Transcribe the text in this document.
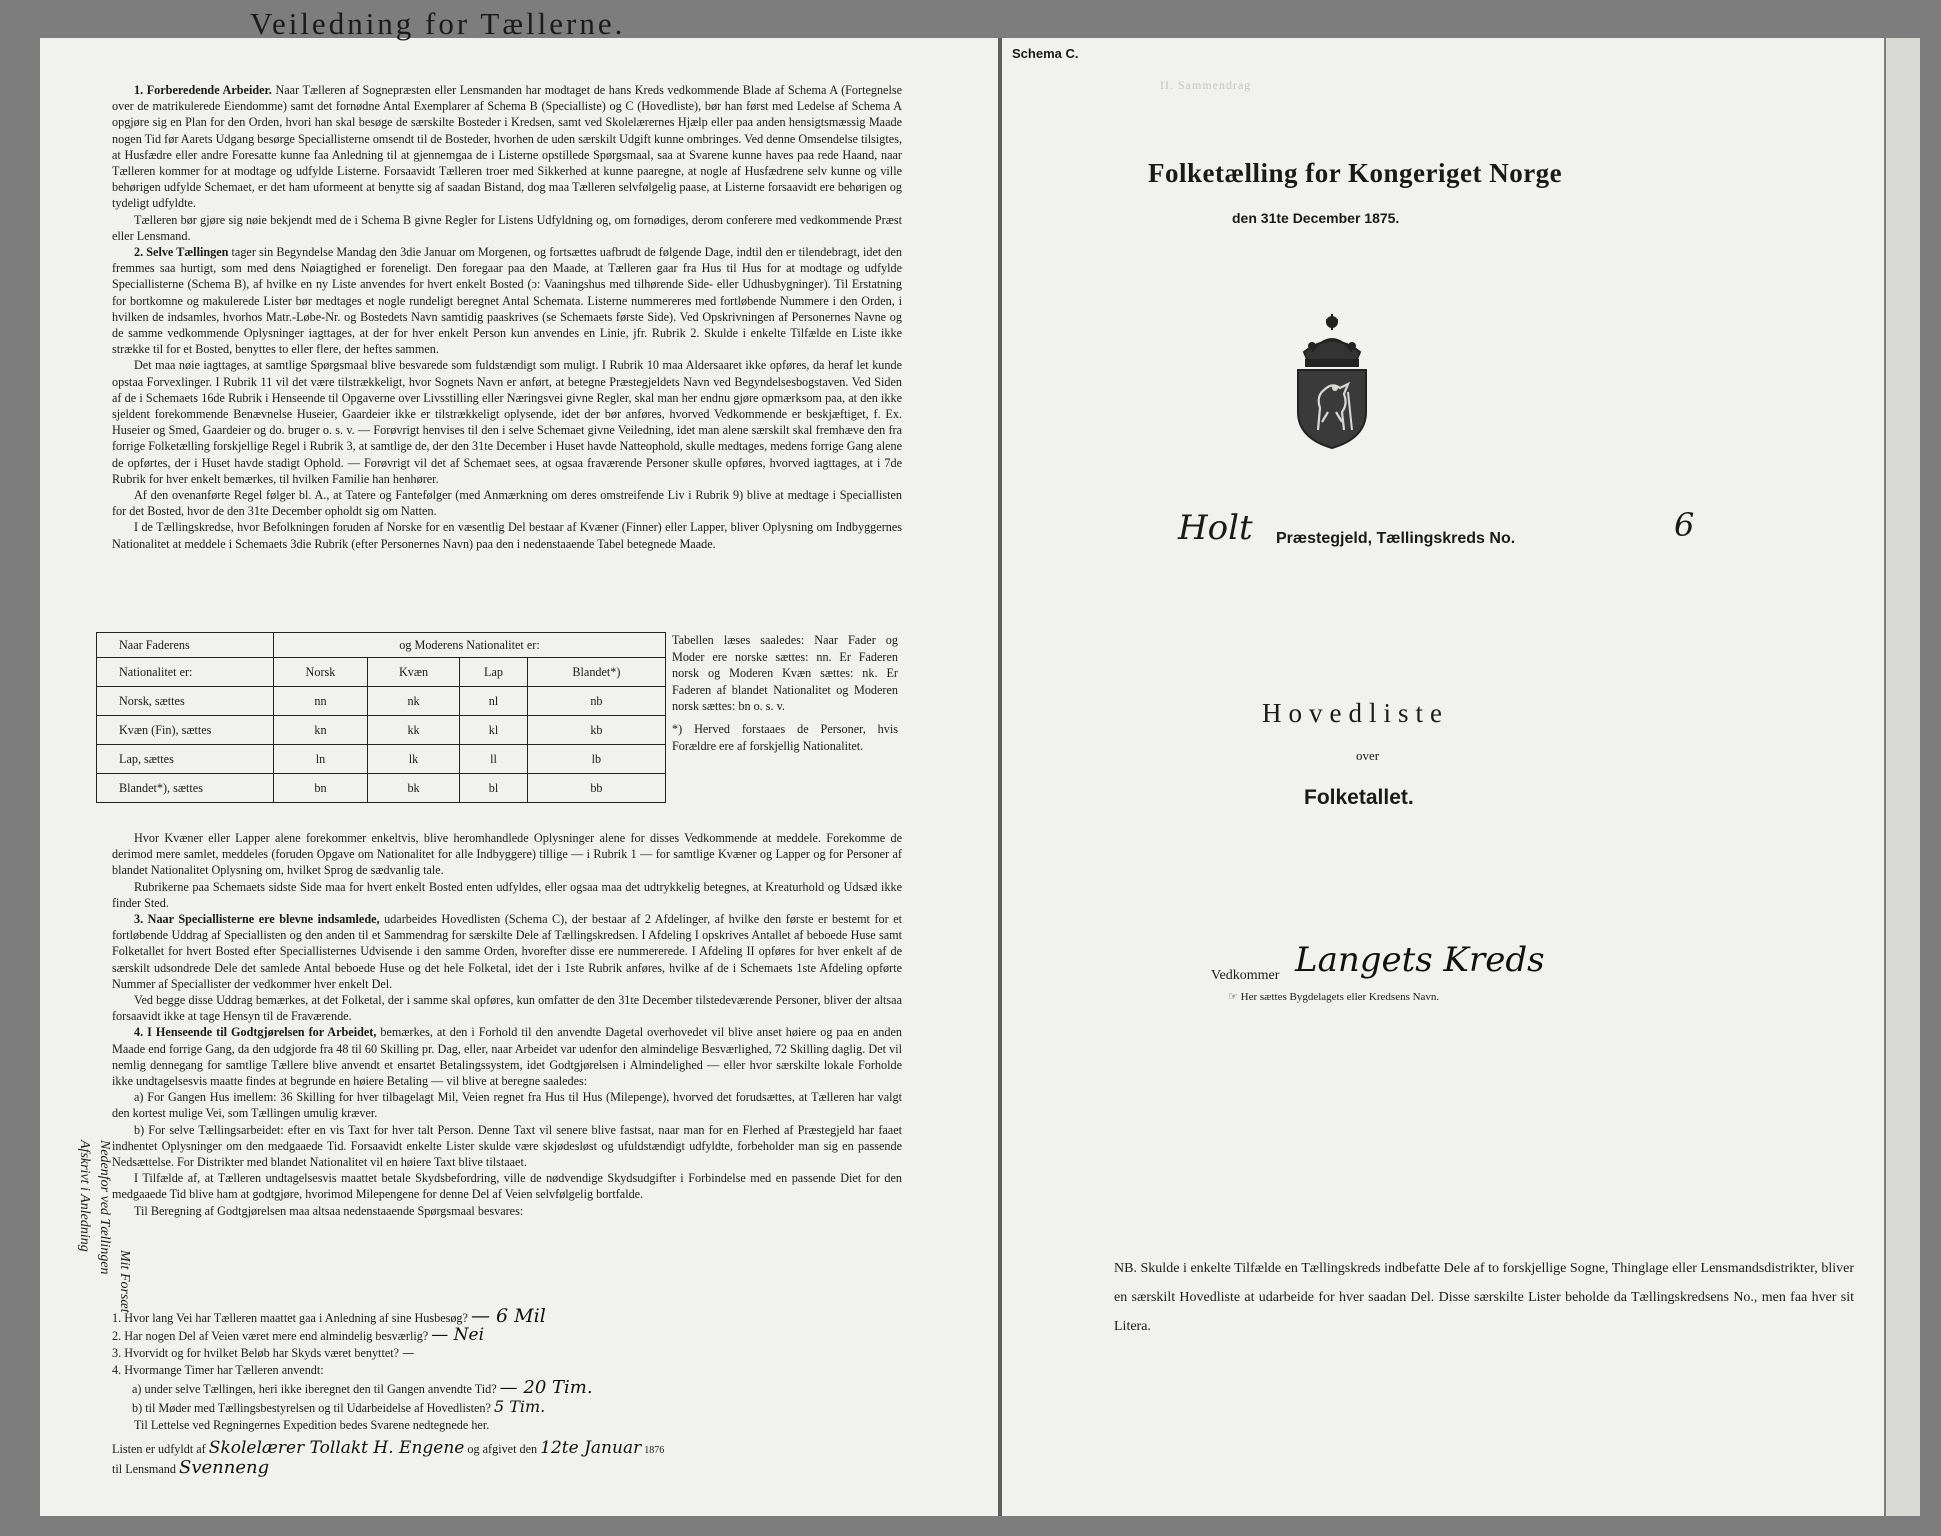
Veiledning for Tællerne.

1. Forberedende Arbeider. Naar Tælleren af Sognepræsten eller Lensmanden har modtaget de hans Kreds vedkommende Blade af Schema A (Fortegnelse over de matrikulerede Eiendomme) samt det fornødne Antal Exemplarer af Schema B (Specialliste) og C (Hovedliste), bør han først med Ledelse af Schema A opgjøre sig en Plan for den Orden, hvori han skal besøge de særskilte Bosteder i Kredsen, samt ved Skolelærernes Hjælp eller paa anden hensigtsmæssig Maade nogen Tid før Aarets Udgang besørge Speciallisterne omsendt til de Bosteder, hvorhen de uden særskilt Udgift kunne ombringes. Ved denne Omsendelse tilsigtes, at Husfædre eller andre Foresatte kunne faa Anledning til at gjennemgaa de i Listerne opstillede Spørgsmaal, saa at Svarene kunne haves paa rede Haand, naar Tælleren kommer for at modtage og udfylde Listerne. Forsaavidt Tælleren troer med Sikkerhed at kunne paaregne, at nogle af Husfædrene selv kunne og ville behørigen udfylde Schemaet, er det ham uformeent at benytte sig af saadan Bistand, dog maa Tælleren selvfølgelig paase, at Listerne forsaavidt ere behørigen og tydeligt udfyldte.

Tælleren bør gjøre sig nøie bekjendt med de i Schema B givne Regler for Listens Udfyldning og, om fornødiges, derom conferere med vedkommende Præst eller Lensmand.

2. Selve Tællingen tager sin Begyndelse Mandag den 3die Januar om Morgenen, og fortsættes uafbrudt de følgende Dage, indtil den er tilendebragt, idet den fremmes saa hurtigt, som med dens Nøiagtighed er foreneligt. Den foregaar paa den Maade, at Tælleren gaar fra Hus til Hus for at modtage og udfylde Speciallisterne (Schema B), af hvilke en ny Liste anvendes for hvert enkelt Bosted (ɔ: Vaaningshus med tilhørende Side- eller Udhusbygninger). Til Erstatning for bortkomne og makulerede Lister bør medtages et nogle rundeligt beregnet Antal Schemata. Listerne nummereres med fortløbende Nummere i den Orden, i hvilken de indsamles, hvorhos Matr.-Løbe-Nr. og Bostedets Navn samtidig paaskrives (se Schemaets første Side). Ved Opskrivningen af Personernes Navne og de samme vedkommende Oplysninger iagttages, at der for hver enkelt Person kun anvendes en Linie, jfr. Rubrik 2. Skulde i enkelte Tilfælde en Liste ikke strække til for et Bosted, benyttes to eller flere, der heftes sammen.

Det maa nøie iagttages, at samtlige Spørgsmaal blive besvarede som fuldstændigt som muligt. I Rubrik 10 maa Aldersaaret ikke opføres, da heraf let kunde opstaa Forvexlinger. I Rubrik 11 vil det være tilstrækkeligt, hvor Sognets Navn er anført, at betegne Præstegjeldets Navn ved Begyndelsesbogstaven. Ved Siden af de i Schemaets 16de Rubrik i Henseende til Opgaverne over Livsstilling eller Næringsvei givne Regler, skal man her endnu gjøre opmærksom paa, at den ikke sjeldent forekommende Benævnelse Huseier, Gaardeier ikke er tilstrækkeligt oplysende, idet der bør anføres, hvorved Vedkommende er beskjæftiget, f. Ex. Huseier og Smed, Gaardeier og do. bruger o. s. v. — Forøvrigt henvises til den i selve Schemaet givne Veiledning, idet man alene særskilt skal fremhæve den fra forrige Folketælling forskjellige Regel i Rubrik 3, at samtlige de, der den 31te December i Huset havde Natteophold, skulle medtages, medens forrige Gang alene de opførtes, der i Huset havde stadigt Ophold. — Forøvrigt vil det af Schemaet sees, at ogsaa fraværende Personer skulle opføres, hvorved iagttages, at i 7de Rubrik for hver enkelt bemærkes, til hvilken Familie han henhører.

Af den ovenanførte Regel følger bl. A., at Tatere og Fantefølger (med Anmærkning om deres omstreifende Liv i Rubrik 9) blive at medtage i Speciallisten for det Bosted, hvor de den 31te December opholdt sig om Natten.

I de Tællingskredse, hvor Befolkningen foruden af Norske for en væsentlig Del bestaar af Kvæner (Finner) eller Lapper, bliver Oplysning om Indbyggernes Nationalitet at meddele i Schemaets 3die Rubrik (efter Personernes Navn) paa den i nedenstaaende Tabel betegnede Maade.

Naar Faderens	og Moderens Nationalitet er:			
Nationalitet er:	Norsk	Kvæn	Lap	Blandet*)
Norsk, sættes	nn	nk	nl	nb
Kvæn (Fin), sættes	kn	kk	kl	kb
Lap, sættes	ln	lk	ll	lb
Blandet*), sættes	bn	bk	bl	bb
Tabellen læses saaledes: Naar Fader og Moder ere norske sættes: nn. Er Faderen norsk og Moderen Kvæn sættes: nk. Er Faderen af blandet Nationalitet og Moderen norsk sættes: bn o. s. v.
*) Herved forstaaes de Personer, hvis Forældre ere af forskjellig Nationalitet.

Hvor Kvæner eller Lapper alene forekommer enkeltvis, blive heromhandlede Oplysninger alene for disses Vedkommende at meddele. Forekomme de derimod mere samlet, meddeles (foruden Opgave om Nationalitet for alle Indbyggere) tillige — i Rubrik 1 — for samtlige Kvæner og Lapper og for Personer af blandet Nationalitet Oplysning om, hvilket Sprog de sædvanlig tale.

Rubrikerne paa Schemaets sidste Side maa for hvert enkelt Bosted enten udfyldes, eller ogsaa maa det udtrykkelig betegnes, at Kreaturhold og Udsæd ikke finder Sted.

3. Naar Speciallisterne ere blevne indsamlede, udarbeides Hovedlisten (Schema C), der bestaar af 2 Afdelinger, af hvilke den første er bestemt for et fortløbende Uddrag af Speciallisten og den anden til et Sammendrag for særskilte Dele af Tællingskredsen. I Afdeling I opskrives Antallet af beboede Huse samt Folketallet for hvert Bosted efter Speciallisternes Udvisende i den samme Orden, hvorefter disse ere nummererede. I Afdeling II opføres for hver enkelt af de særskilt udsondrede Dele det samlede Antal beboede Huse og det hele Folketal, idet der i 1ste Rubrik anføres, hvilke af de i Schemaets 1ste Afdeling opførte Nummer af Speciallister der vedkommer hver enkelt Del.

Ved begge disse Uddrag bemærkes, at det Folketal, der i samme skal opføres, kun omfatter de den 31te December tilstedeværende Personer, bliver der altsaa forsaavidt ikke at tage Hensyn til de Fraværende.

4. I Henseende til Godtgjørelsen for Arbeidet, bemærkes, at den i Forhold til den anvendte Dagetal overhovedet vil blive anset høiere og paa en anden Maade end forrige Gang, da den udgjorde fra 48 til 60 Skilling pr. Dag, eller, naar Arbeidet var udenfor den almindelige Besværlighed, 72 Skilling daglig. Det vil nemlig dennegang for samtlige Tællere blive anvendt et ensartet Betalingssystem, idet Godtgjørelsen i Almindelighed — eller hvor særskilte lokale Forholde ikke undtagelsesvis maatte findes at begrunde en høiere Betaling — vil blive at beregne saaledes:

a) For Gangen Hus imellem: 36 Skilling for hver tilbagelagt Mil, Veien regnet fra Hus til Hus (Milepenge), hvorved det forudsættes, at Tælleren har valgt den kortest mulige Vei, som Tællingen umulig kræver.

b) For selve Tællingsarbeidet: efter en vis Taxt for hver talt Person. Denne Taxt vil senere blive fastsat, naar man for en Flerhed af Præstegjeld har faaet indhentet Oplysninger om den medgaaede Tid. Forsaavidt enkelte Lister skulde være skjødesløst og ufuldstændigt udfyldte, forbeholder man sig en passende Nedsættelse. For Distrikter med blandet Nationalitet vil en høiere Taxt blive tilstaaet.

I Tilfælde af, at Tælleren undtagelsesvis maattet betale Skydsbefordring, ville de nødvendige Skydsudgifter i Forbindelse med en passende Diet for den medgaaede Tid blive ham at godtgjøre, hvorimod Milepengene for denne Del af Veien selvfølgelig bortfalde.

Til Beregning af Godtgjørelsen maa altsaa nedenstaaende Spørgsmaal besvares:

1. Hvor lang Vei har Tælleren maattet gaa i Anledning af sine Husbesøg? — 6 Mil
2. Har nogen Del af Veien været mere end almindelig besværlig? — Nei
3. Hvorvidt og for hvilket Beløb har Skyds været benyttet? —
4. Hvormange Timer har Tælleren anvendt:
a) under selve Tællingen, heri ikke iberegnet den til Gangen anvendte Tid? — 20 Tim.
b) til Møder med Tællingsbestyrelsen og til Udarbeidelse af Hovedlisten? 5 Tim.
Til Lettelse ved Regningernes Expedition bedes Svarene nedtegnede her.
Listen er udfyldt af Skolelærer Tollakt H. Engene og afgivet den 12te Januar 1876
til Lensmand Svenneng
Afskrivt i Anledning Nedenfor ved Tællingen
Mit Forsæt
Schema C.
II. Sammendrag
Folketælling for Kongeriget Norge
den 31te December 1875.
Holt Præstegjeld, Tællingskreds No.	6
Hovedliste
over
Folketallet.
Vedkommer Langets Kreds
☞ Her sættes Bygdelagets eller Kredsens Navn.
NB. Skulde i enkelte Tilfælde en Tællingskreds indbefatte Dele af to forskjellige Sogne, Thinglage eller Lensmandsdistrikter, bliver en særskilt Hovedliste at udarbeide for hver saadan Del. Disse særskilte Lister beholde da Tællingskredsens No., men faa hver sit Litera.
